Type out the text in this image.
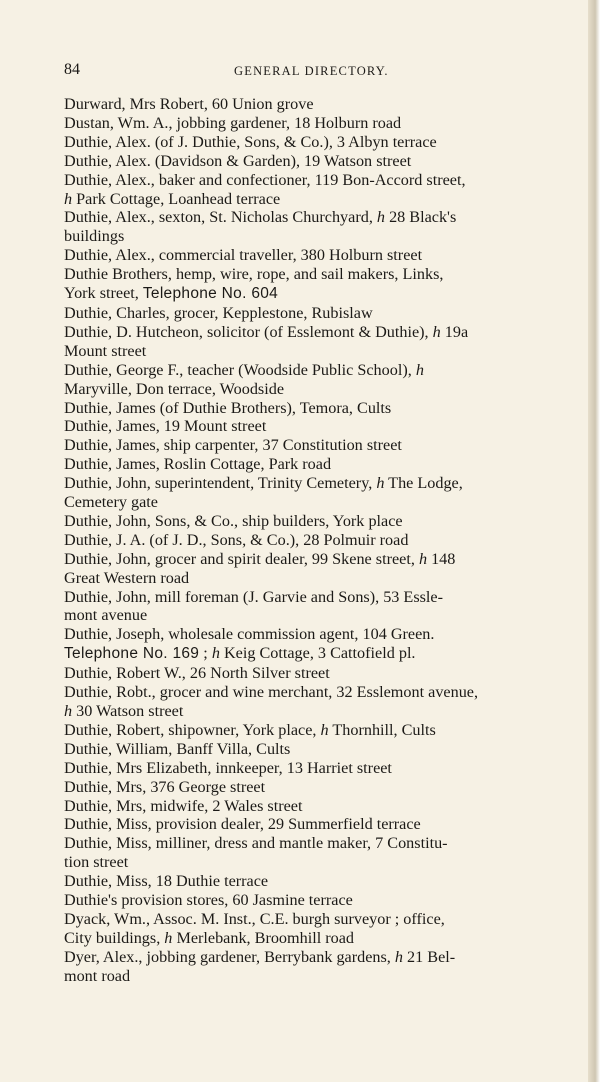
84	GENERAL DIRECTORY.
Durward, Mrs Robert, 60 Union grove
Dustan, Wm. A., jobbing gardener, 18 Holburn road
Duthie, Alex. (of J. Duthie, Sons, & Co.), 3 Albyn terrace
Duthie, Alex. (Davidson & Garden), 19 Watson street
Duthie, Alex., baker and confectioner, 119 Bon-Accord street,
h Park Cottage, Loanhead terrace
Duthie, Alex., sexton, St. Nicholas Churchyard, h 28 Black's
buildings
Duthie, Alex., commercial traveller, 380 Holburn street
Duthie Brothers, hemp, wire, rope, and sail makers, Links,
York street, Telephone No. 604
Duthie, Charles, grocer, Kepplestone, Rubislaw
Duthie, D. Hutcheon, solicitor (of Esslemont & Duthie), h 19a
Mount street
Duthie, George F., teacher (Woodside Public School), h
Maryville, Don terrace, Woodside
Duthie, James (of Duthie Brothers), Temora, Cults
Duthie, James, 19 Mount street
Duthie, James, ship carpenter, 37 Constitution street
Duthie, James, Roslin Cottage, Park road
Duthie, John, superintendent, Trinity Cemetery, h The Lodge,
Cemetery gate
Duthie, John, Sons, & Co., ship builders, York place
Duthie, J. A. (of J. D., Sons, & Co.), 28 Polmuir road
Duthie, John, grocer and spirit dealer, 99 Skene street, h 148
Great Western road
Duthie, John, mill foreman (J. Garvie and Sons), 53 Essle-
mont avenue
Duthie, Joseph, wholesale commission agent, 104 Green.
Telephone No. 169 ; h Keig Cottage, 3 Cattofield pl.
Duthie, Robert W., 26 North Silver street
Duthie, Robt., grocer and wine merchant, 32 Esslemont avenue,
h 30 Watson street
Duthie, Robert, shipowner, York place, h Thornhill, Cults
Duthie, William, Banff Villa, Cults
Duthie, Mrs Elizabeth, innkeeper, 13 Harriet street
Duthie, Mrs, 376 George street
Duthie, Mrs, midwife, 2 Wales street
Duthie, Miss, provision dealer, 29 Summerfield terrace
Duthie, Miss, milliner, dress and mantle maker, 7 Constitu-
tion street
Duthie, Miss, 18 Duthie terrace
Duthie's provision stores, 60 Jasmine terrace
Dyack, Wm., Assoc. M. Inst., C.E. burgh surveyor ; office,
City buildings, h Merlebank, Broomhill road
Dyer, Alex., jobbing gardener, Berrybank gardens, h 21 Bel-
mont road
